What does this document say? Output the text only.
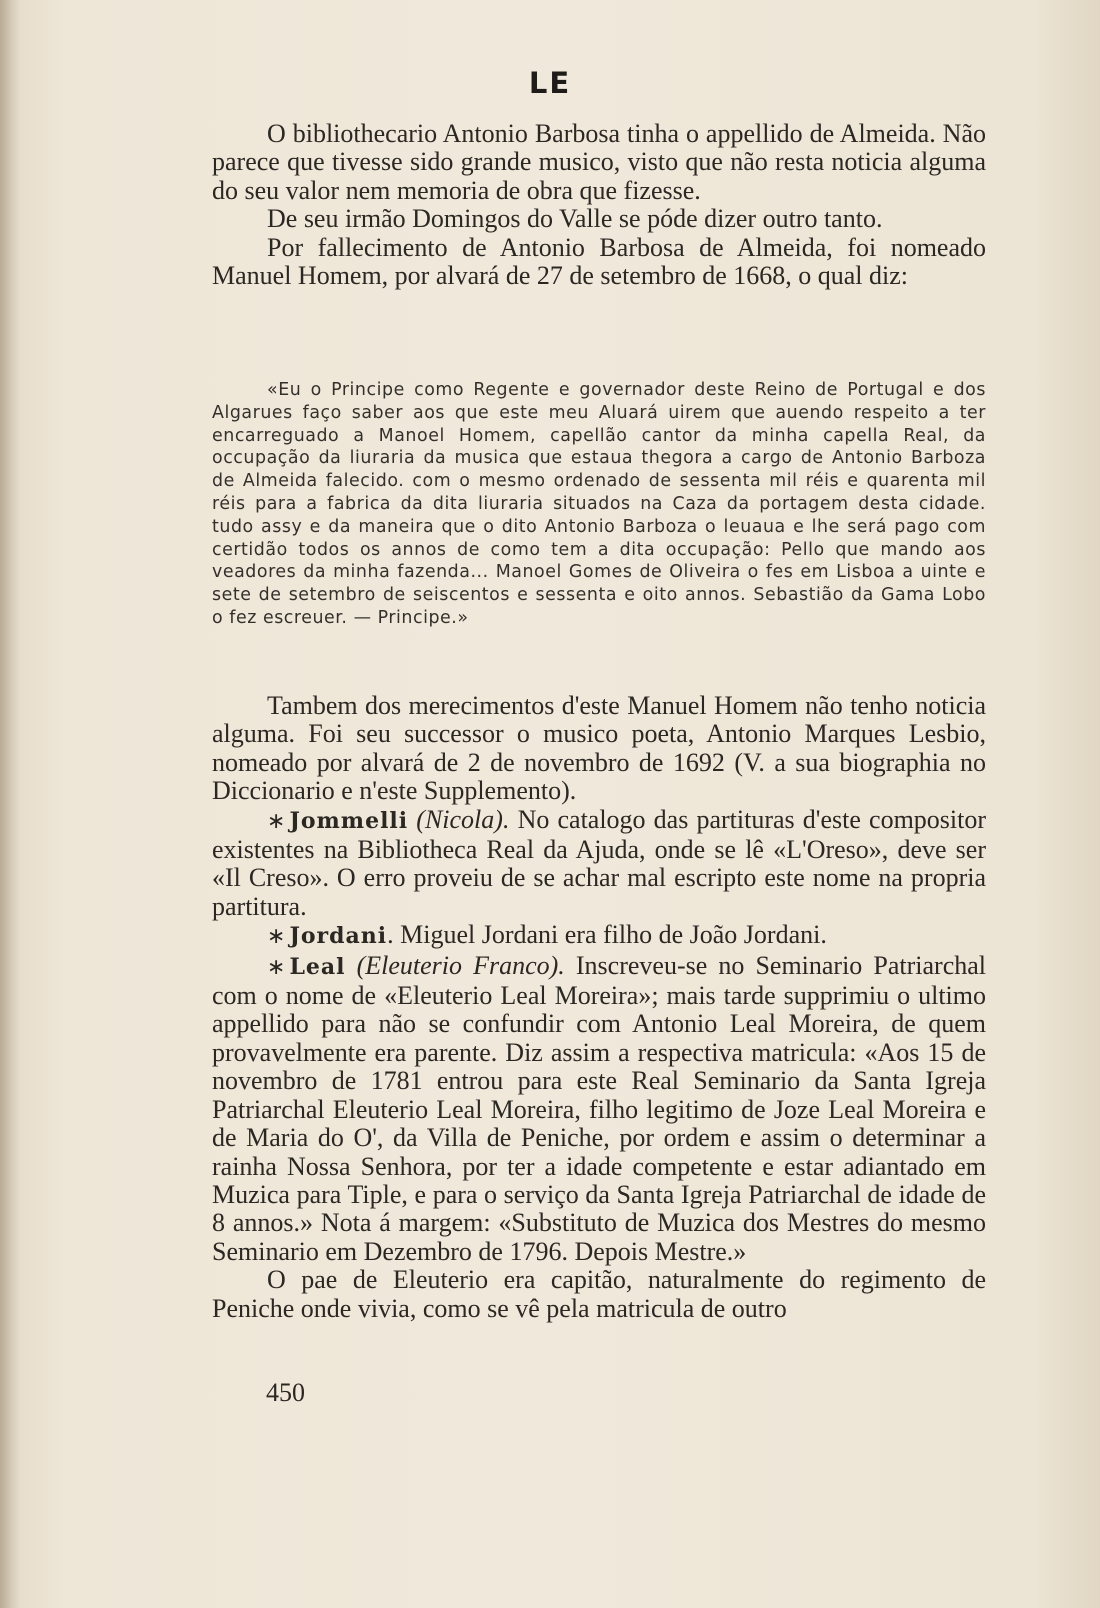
LE

O bibliothecario Antonio Barbosa tinha o appellido de Almeida. Não parece que tivesse sido grande musico, visto que não resta noticia alguma do seu valor nem memoria de obra que fizesse.

De seu irmão Domingos do Valle se póde dizer outro tanto.

Por fallecimento de Antonio Barbosa de Almeida, foi nomeado Manuel Homem, por alvará de 27 de setembro de 1668, o qual diz:

«Eu o Principe como Regente e governador deste Reino de Portugal e dos Algarues faço saber aos que este meu Aluará uirem que auendo respeito a ter encarreguado a Manoel Homem, capellão cantor da minha capella Real, da occupação da liuraria da musica que estaua thegora a cargo de Antonio Barboza de Almeida falecido. com o mesmo ordenado de sessenta mil réis e quarenta mil réis para a fabrica da dita liuraria situados na Caza da portagem desta cidade. tudo assy e da maneira que o dito Antonio Barboza o leuaua e lhe será pago com certidão todos os annos de como tem a dita occupação: Pello que mando aos veadores da minha fazenda... Manoel Gomes de Oliveira o fes em Lisboa a uinte e sete de setembro de seiscentos e sessenta e oito annos. Sebastião da Gama Lobo o fez escreuer. — Principe.»

Tambem dos merecimentos d'este Manuel Homem não tenho noticia alguma. Foi seu successor o musico poeta, Antonio Marques Lesbio, nomeado por alvará de 2 de novembro de 1692 (V. a sua biographia no Diccionario e n'este Supplemento).

∗ Jommelli (Nicola). No catalogo das partituras d'este compositor existentes na Bibliotheca Real da Ajuda, onde se lê «L'Oreso», deve ser «Il Creso». O erro proveiu de se achar mal escripto este nome na propria partitura.

∗ Jordani. Miguel Jordani era filho de João Jordani.

∗ Leal (Eleuterio Franco). Inscreveu-se no Seminario Patriarchal com o nome de «Eleuterio Leal Moreira»; mais tarde supprimiu o ultimo appellido para não se confundir com Antonio Leal Moreira, de quem provavelmente era parente. Diz assim a respectiva matricula: «Aos 15 de novembro de 1781 entrou para este Real Seminario da Santa Igreja Patriarchal Eleuterio Leal Moreira, filho legitimo de Joze Leal Moreira e de Maria do O', da Villa de Peniche, por ordem e assim o determinar a rainha Nossa Senhora, por ter a idade competente e estar adiantado em Muzica para Tiple, e para o serviço da Santa Igreja Patriarchal de idade de 8 annos.» Nota á margem: «Substituto de Muzica dos Mestres do mesmo Seminario em Dezembro de 1796. Depois Mestre.»

O pae de Eleuterio era capitão, naturalmente do regimento de Peniche onde vivia, como se vê pela matricula de outro

450
